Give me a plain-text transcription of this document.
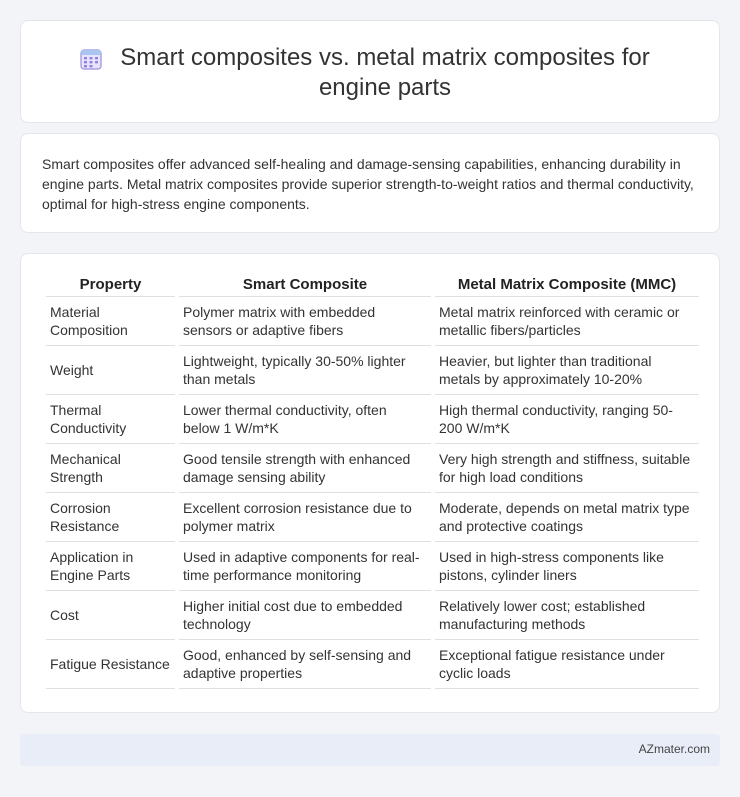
Smart composites vs. metal matrix composites for engine parts

Smart composites offer advanced self-healing and damage-sensing capabilities, enhancing durability in engine parts. Metal matrix composites provide superior strength-to-weight ratios and thermal conductivity, optimal for high-stress engine components.

Property	Smart Composite	Metal Matrix Composite (MMC)
Material Composition	Polymer matrix with embedded sensors or adaptive fibers	Metal matrix reinforced with ceramic or metallic fibers/particles
Weight	Lightweight, typically 30-50% lighter than metals	Heavier, but lighter than traditional metals by approximately 10-20%
Thermal Conductivity	Lower thermal conductivity, often below 1 W/m*K	High thermal conductivity, ranging 50-200 W/m*K
Mechanical Strength	Good tensile strength with enhanced damage sensing ability	Very high strength and stiffness, suitable for high load conditions
Corrosion Resistance	Excellent corrosion resistance due to polymer matrix	Moderate, depends on metal matrix type and protective coatings
Application in Engine Parts	Used in adaptive components for real-time performance monitoring	Used in high-stress components like pistons, cylinder liners
Cost	Higher initial cost due to embedded technology	Relatively lower cost; established manufacturing methods
Fatigue Resistance	Good, enhanced by self-sensing and adaptive properties	Exceptional fatigue resistance under cyclic loads
AZmater.com
